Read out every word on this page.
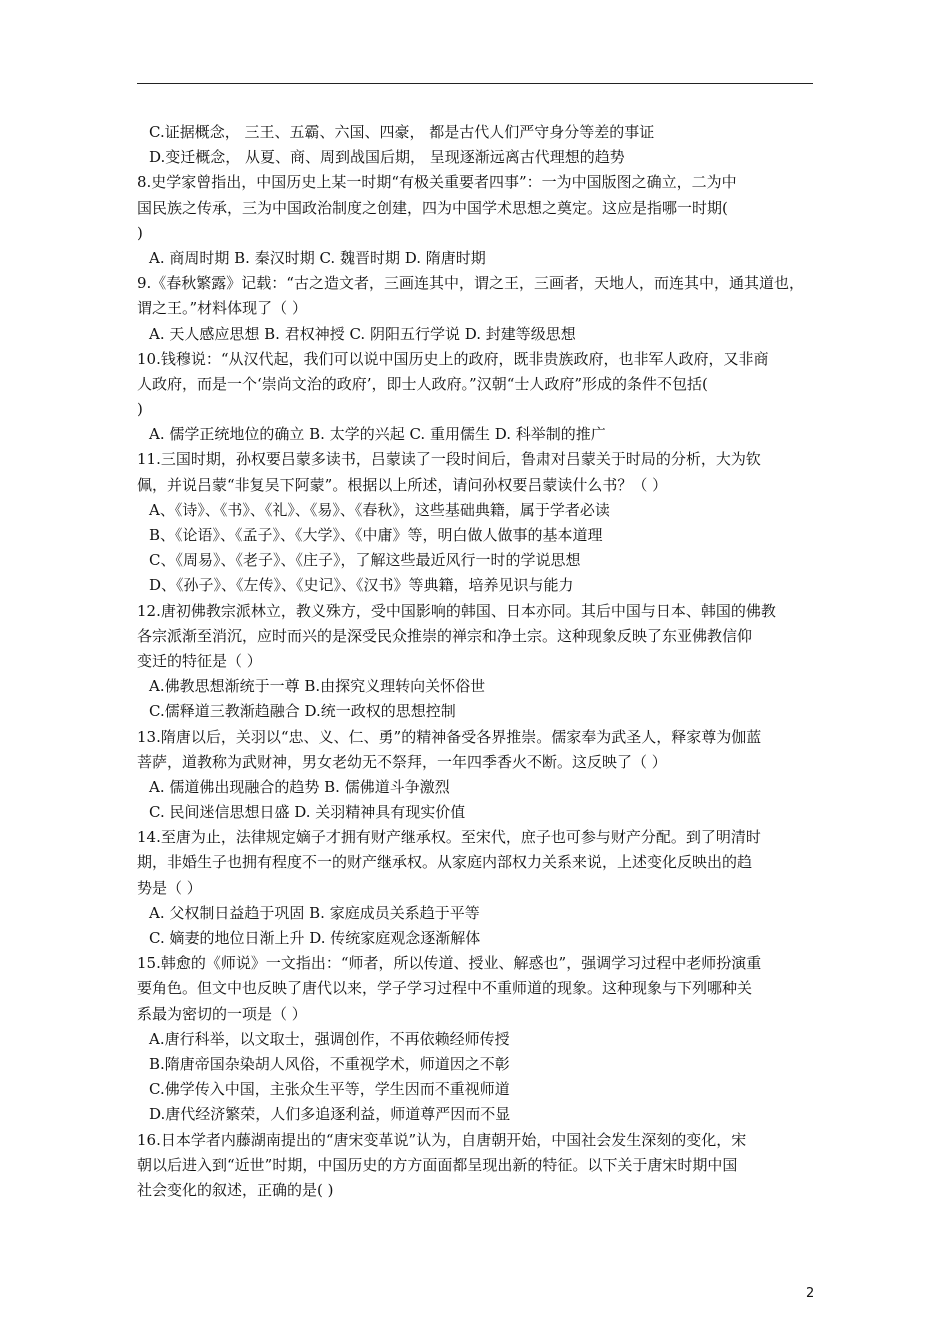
C.证据概念， 三王、五霸、六国、四豪， 都是古代人们严守身分等差的事证
D.变迁概念， 从夏、商、周到战国后期， 呈现逐渐远离古代理想的趋势
8.史学家曾指出，中国历史上某一时期“有极关重要者四事”：一为中国版图之确立，二为中
国民族之传承，三为中国政治制度之创建，四为中国学术思想之奠定。这应是指哪一时期(
)
A. 商周时期 B. 秦汉时期 C. 魏晋时期 D. 隋唐时期
9.《春秋繁露》记载：“古之造文者，三画连其中，谓之王，三画者，天地人，而连其中，通其道也，
谓之王。”材料体现了（ ）
A. 天人感应思想 B. 君权神授 C. 阴阳五行学说 D. 封建等级思想
10.钱穆说：“从汉代起，我们可以说中国历史上的政府，既非贵族政府，也非军人政府，又非商
人政府，而是一个‘崇尚文治的政府’，即士人政府。”汉朝“士人政府”形成的条件不包括(
)
A. 儒学正统地位的确立 B. 太学的兴起 C. 重用儒生 D. 科举制的推广
11.三国时期，孙权要吕蒙多读书，吕蒙读了一段时间后，鲁肃对吕蒙关于时局的分析，大为钦
佩，并说吕蒙“非复吴下阿蒙”。根据以上所述，请问孙权要吕蒙读什么书？（ ）
A、《诗》、《书》、《礼》、《易》、《春秋》，这些基础典籍，属于学者必读
B、《论语》、《孟子》、《大学》、《中庸》等，明白做人做事的基本道理
C、《周易》、《老子》、《庄子》，了解这些最近风行一时的学说思想
D、《孙子》、《左传》、《史记》、《汉书》等典籍，培养见识与能力
12.唐初佛教宗派林立，教义殊方，受中国影响的韩国、日本亦同。其后中国与日本、韩国的佛教
各宗派渐至消沉，应时而兴的是深受民众推崇的禅宗和净土宗。这种现象反映了东亚佛教信仰
变迁的特征是（ ）
A.佛教思想渐统于一尊 B.由探究义理转向关怀俗世
C.儒释道三教渐趋融合 D.统一政权的思想控制
13.隋唐以后，关羽以“忠、义、仁、勇”的精神备受各界推崇。儒家奉为武圣人，释家尊为伽蓝
菩萨，道教称为武财神，男女老幼无不祭拜，一年四季香火不断。这反映了（ ）
A. 儒道佛出现融合的趋势 B. 儒佛道斗争激烈
C. 民间迷信思想日盛 D. 关羽精神具有现实价值
14.至唐为止，法律规定嫡子才拥有财产继承权。至宋代，庶子也可参与财产分配。到了明清时
期，非婚生子也拥有程度不一的财产继承权。从家庭内部权力关系来说，上述变化反映出的趋
势是（ ）
A. 父权制日益趋于巩固 B. 家庭成员关系趋于平等
C. 嫡妻的地位日渐上升 D. 传统家庭观念逐渐解体
15.韩愈的《师说》一文指出：“师者，所以传道、授业、解惑也”，强调学习过程中老师扮演重
要角色。但文中也反映了唐代以来，学子学习过程中不重师道的现象。这种现象与下列哪种关
系最为密切的一项是（ ）
A.唐行科举，以文取士，强调创作，不再依赖经师传授
B.隋唐帝国杂染胡人风俗，不重视学术，师道因之不彰
C.佛学传入中国，主张众生平等，学生因而不重视师道
D.唐代经济繁荣，人们多追逐利益，师道尊严因而不显
16.日本学者内藤湖南提出的“唐宋变革说”认为，自唐朝开始，中国社会发生深刻的变化，宋
朝以后进入到“近世”时期，中国历史的方方面面都呈现出新的特征。以下关于唐宋时期中国
社会变化的叙述，正确的是( )
2
